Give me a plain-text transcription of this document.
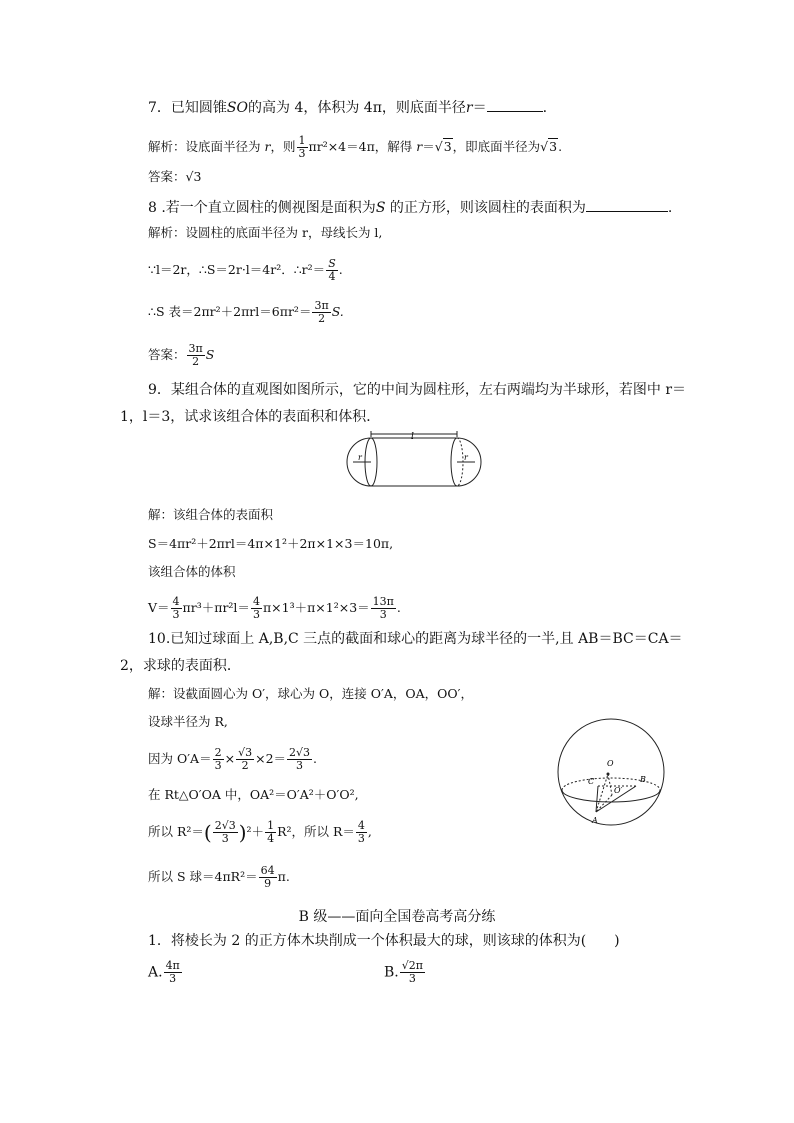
7．已知圆锥SO的高为 4，体积为 4π，则底面半径r＝	.
解析：设底面半径为 r，则 $\frac{1}{3} \pi r^2\times 4=4\pi$，解得 r＝√3，即底面半径为√3.
答案：√3
8 .若一个直立圆柱的侧视图是面积为S 的正方形，则该圆柱的表面积为	.
解析：设圆柱的底面半径为 r，母线长为 l,
∵l＝2r，∴S＝2r·l＝4r²．∴r²＝ $\frac{S}{4}$ .
∴S 表$=2\pi r^2+2\pi rl=6\pi r^2= \frac{3\pi}{2} S$.
答案： $\frac{3\pi}{2}$ S
9．某组合体的直观图如图所示，它的中间为圆柱形，左右两端均为半球形，若图中 r＝
1，l＝3，试求该组合体的表面积和体积．
l
r	r
解：该组合体的表面积
S＝4πr²＋2πrl＝4π×1²＋2π×1×3＝10π,
该组合体的体积
$V= \frac{4}{3} \pi r^3+\pi r^2l= \frac{4}{3} \pi\times 1^3+\pi\times 1^2\times 3= \frac{13\pi}{3}$ .
10.已知过球面上 A,B,C 三点的截面和球心的距离为球半径的一半,且 AB＝BC＝CA＝
2，求球的表面积．
解：设截面圆心为 O′，球心为 O，连接 O′A，OA，OO′，
设球半径为 R,
因为 $O'A= \frac{2}{3} \times \frac{√3}{2} \times 2= \frac{2√3}{3}$ .
在 Rt△O′OA 中，OA²＝O′A²＋O′O²,
所以 $R^2=( \frac{2√3}{3} )^2+ \frac{1}{4} R^2$，所以 $R= \frac{4}{3}$ ,
所以 S 球$=4\pi R^2= \frac{64}{9} \pi$.
O
C	B
O′
A
B 级——面向全国卷高考高分练
1．将棱长为 2 的正方体木块削成一个体积最大的球，则该球的体积为(　　)
A. $\frac{4\pi}{3}$	B. $\frac{√2\pi}{3}$
